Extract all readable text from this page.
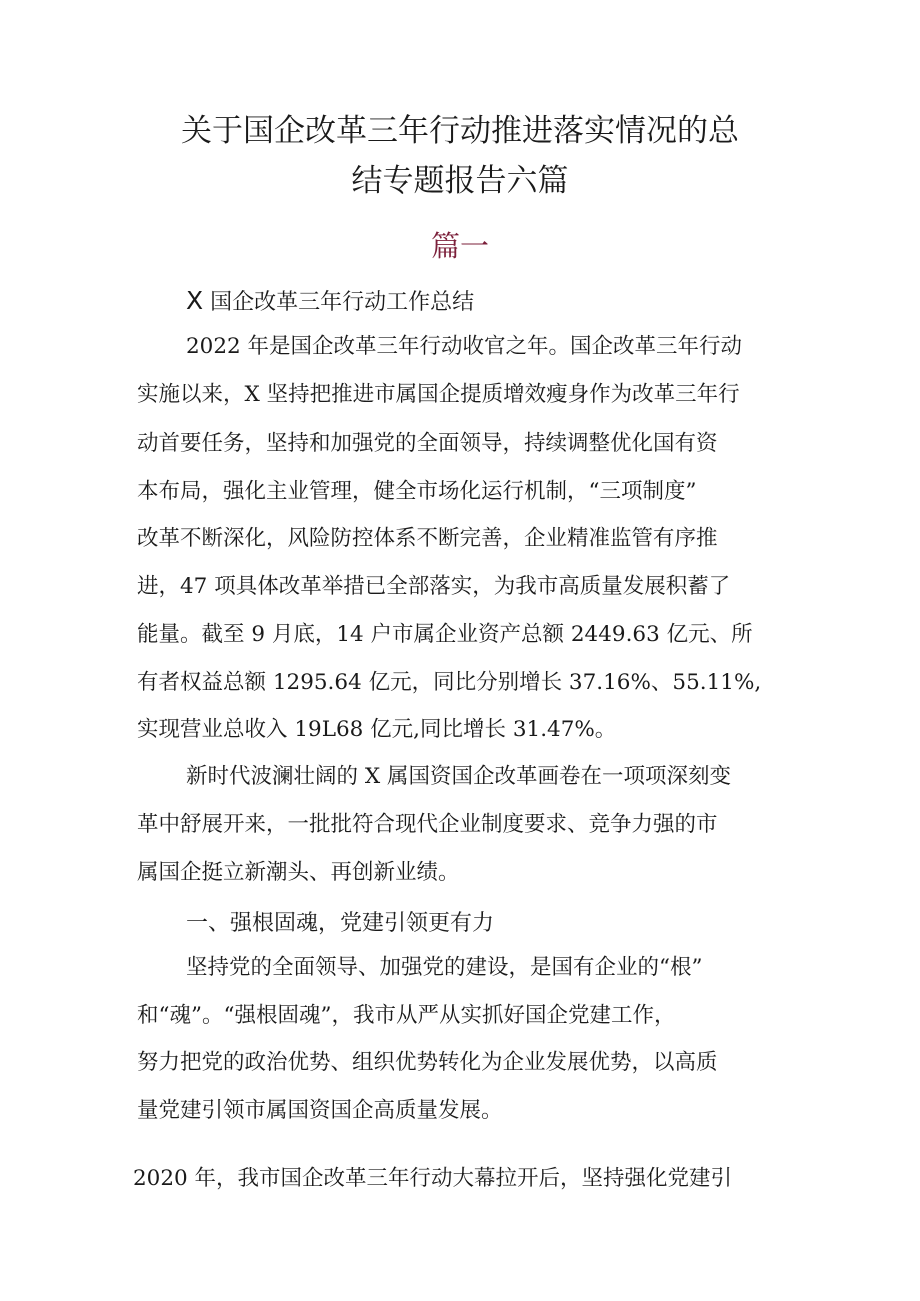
关于国企改革三年行动推进落实情况的总
结专题报告六篇
篇一
X 国企改革三年行动工作总结
2022 年是国企改革三年行动收官之年。国企改革三年行动
实施以来，X 坚持把推进市属国企提质增效瘦身作为改革三年行
动首要任务，坚持和加强党的全面领导，持续调整优化国有资
本布局，强化主业管理，健全市场化运行机制，“三项制度”
改革不断深化，风险防控体系不断完善，企业精准监管有序推
进，47 项具体改革举措已全部落实，为我市高质量发展积蓄了
能量。截至 9 月底，14 户市属企业资产总额 2449.63 亿元、所
有者权益总额 1295.64 亿元，同比分别增长 37.16%、55.11%,
实现营业总收入 19L68 亿元,同比增长 31.47%。
新时代波澜壮阔的 X 属国资国企改革画卷在一项项深刻变
革中舒展开来，一批批符合现代企业制度要求、竞争力强的市
属国企挺立新潮头、再创新业绩。
一、强根固魂，党建引领更有力
坚持党的全面领导、加强党的建设，是国有企业的“根”
和“魂”。“强根固魂”，我市从严从实抓好国企党建工作，
努力把党的政治优势、组织优势转化为企业发展优势，以高质
量党建引领市属国资国企高质量发展。
2020 年，我市国企改革三年行动大幕拉开后，坚持强化党建引
